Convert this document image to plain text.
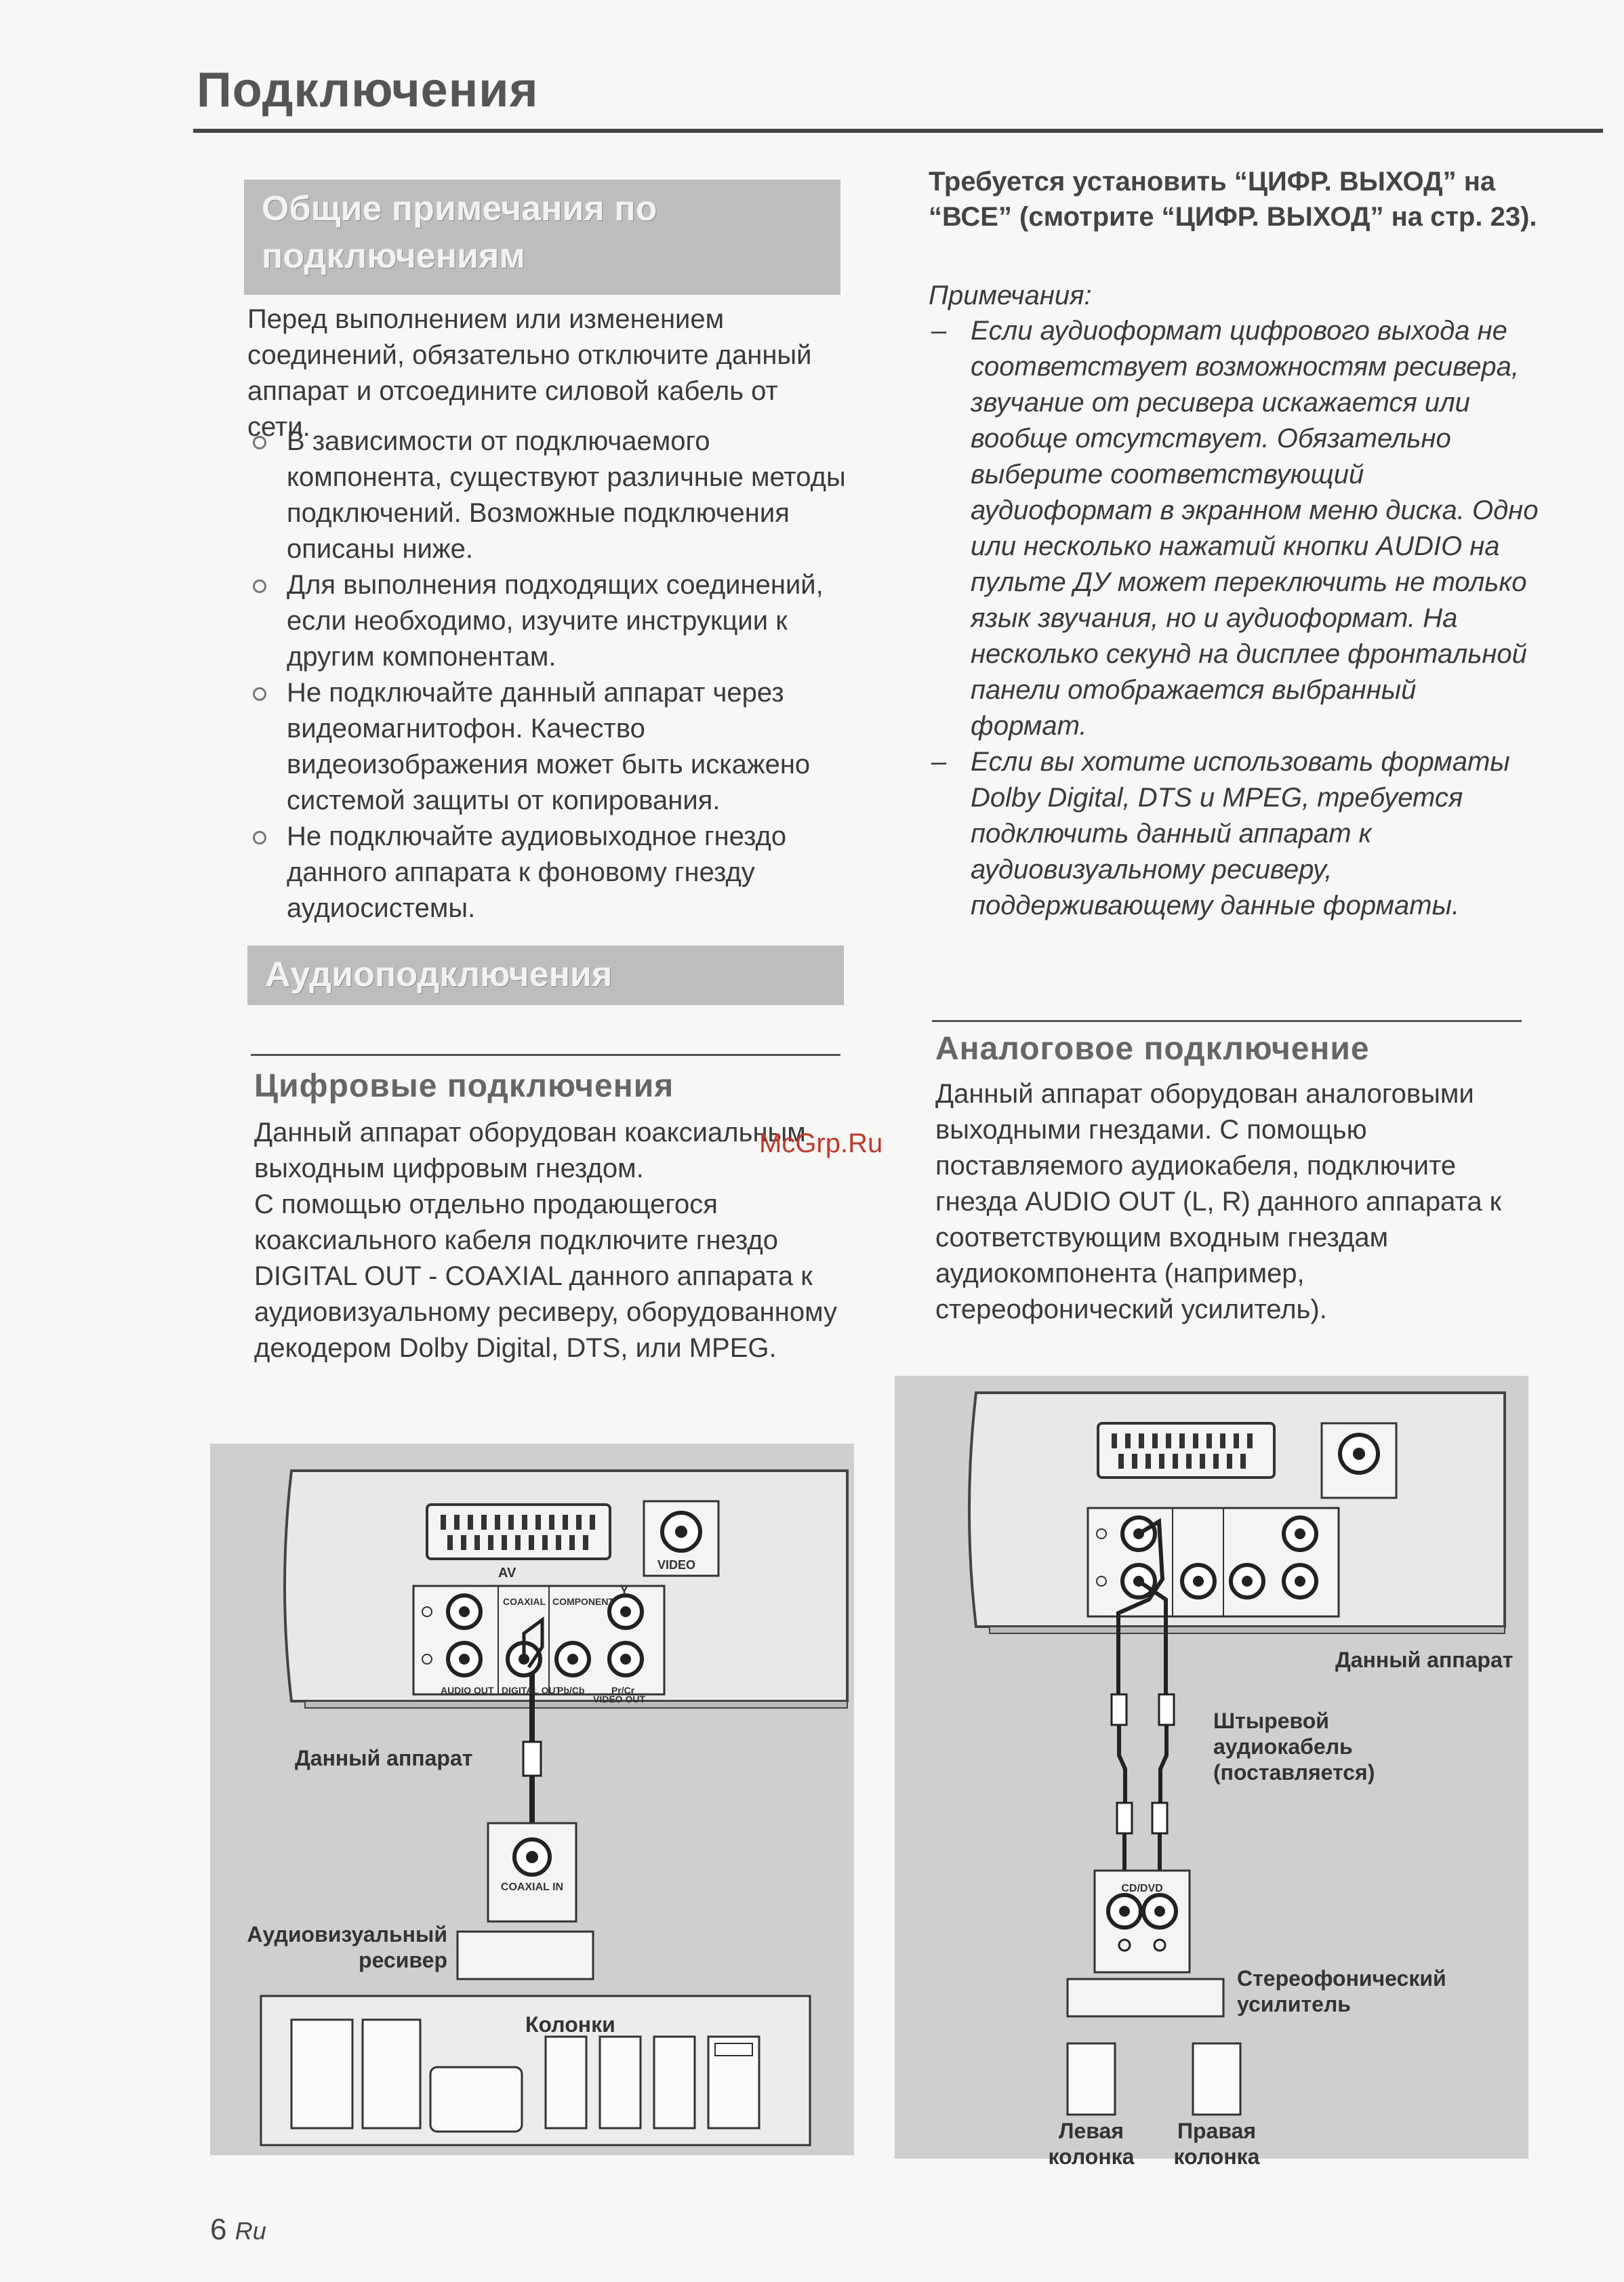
Подключения
Общие примечания по подключениям
Перед выполнением или изменением соединений, обязательно отключите данный аппарат и отсоедините силовой кабель от сети.
В зависимости от подключаемого компонента, существуют различные методы подключений. Возможные подключения описаны ниже.
Для выполнения подходящих соединений, если необходимо, изучите инструкции к другим компонентам.
Не подключайте данный аппарат через видеомагнитофон. Качество видеоизображения может быть искажено системой защиты от копирования.
Не подключайте аудиовыходное гнездо данного аппарата к фоновому гнезду аудиосистемы.
Аудиоподключения
Цифровые подключения
Данный аппарат оборудован коаксиальным выходным цифровым гнездом.
С помощью отдельно продающегося коаксиального кабеля подключите гнездо DIGITAL OUT - COAXIAL данного аппарата к аудиовизуальному ресиверу, оборудованному декодером Dolby Digital, DTS, или MPEG.
McGrp.Ru
AV
VIDEO
COAXIAL COMPONENT
Y
AUDIO OUT DIGITAL OUT
Pb/Cb	Pr/Cr
VIDEO OUT
Данный аппарат
COAXIAL IN
Аудиовизуальный ресивер
Колонки
Требуется установить “ЦИФР. ВЫХОД” на “ВСЕ” (смотрите “ЦИФР. ВЫХОД” на стр. 23).
Примечания:
– Если аудиоформат цифрового выхода не соответствует возможностям ресивера, звучание от ресивера искажается или вообще отсутствует. Обязательно выберите соответствующий аудиоформат в экранном меню диска. Одно или несколько нажатий кнопки AUDIO на пульте ДУ может переключить не только язык звучания, но и аудиоформат. На несколько секунд на дисплее фронтальной панели отображается выбранный формат.
– Если вы хотите использовать форматы Dolby Digital, DTS и MPEG, требуется подключить данный аппарат к аудиовизуальному ресиверу, поддерживающему данные форматы.
Аналоговое подключение
Данный аппарат оборудован аналоговыми выходными гнездами. С помощью поставляемого аудиокабеля, подключите гнезда AUDIO OUT (L, R) данного аппарата к соответствующим входным гнездам аудиокомпонента (например, стереофонический усилитель).
Данный аппарат
Штыревой аудиокабель (поставляется)
CD/DVD
Стереофонический усилитель
Левая колонка
Правая колонка
6 Ru
